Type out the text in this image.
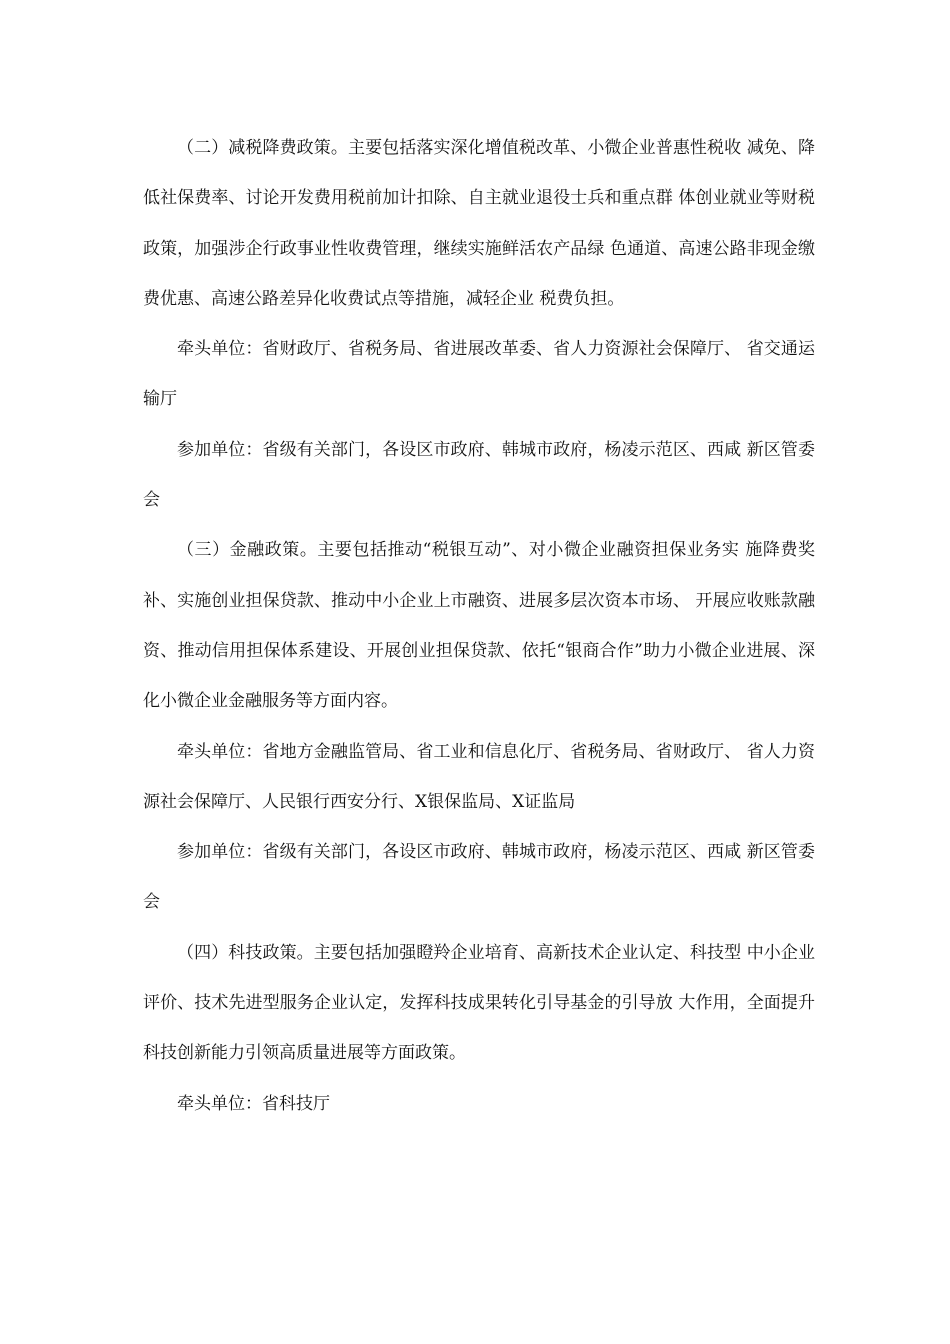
（二）减税降费政策。主要包括落实深化增值税改革、小微企业普惠性税收 减免、降低社保费率、讨论开发费用税前加计扣除、自主就业退役士兵和重点群 体创业就业等财税政策，加强涉企行政事业性收费管理，继续实施鲜活农产品绿 色通道、高速公路非现金缴费优惠、高速公路差异化收费试点等措施，减轻企业 税费负担。

牵头单位：省财政厅、省税务局、省进展改革委、省人力资源社会保障厅、 省交通运输厅

参加单位：省级有关部门，各设区市政府、韩城市政府，杨凌示范区、西咸 新区管委会

（三）金融政策。主要包括推动“税银互动”、对小微企业融资担保业务实 施降费奖补、实施创业担保贷款、推动中小企业上市融资、进展多层次资本市场、 开展应收账款融资、推动信用担保体系建设、开展创业担保贷款、依托“银商合作”助力小微企业进展、深化小微企业金融服务等方面内容。

牵头单位：省地方金融监管局、省工业和信息化厅、省税务局、省财政厅、 省人力资源社会保障厅、人民银行西安分行、X银保监局、X证监局

参加单位：省级有关部门，各设区市政府、韩城市政府，杨凌示范区、西咸 新区管委会

（四）科技政策。主要包括加强瞪羚企业培育、高新技术企业认定、科技型 中小企业评价、技术先进型服务企业认定，发挥科技成果转化引导基金的引导放 大作用，全面提升科技创新能力引领高质量进展等方面政策。

牵头单位：省科技厅
